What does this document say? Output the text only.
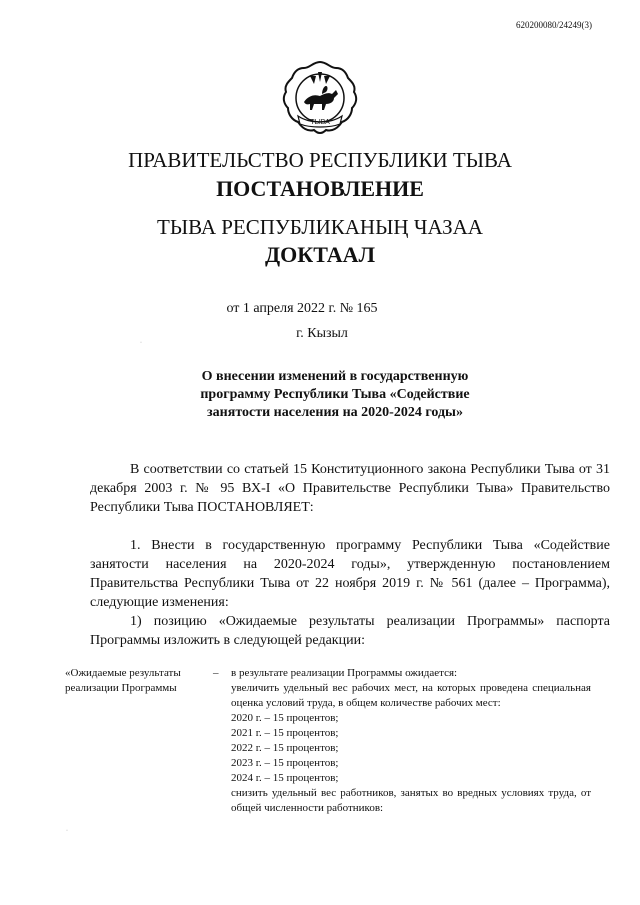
620200080/24249(3)
ТЫВА
ПРАВИТЕЛЬСТВО РЕСПУБЛИКИ ТЫВА
ПОСТАНОВЛЕНИЕ
ТЫВА РЕСПУБЛИКАНЫҢ ЧАЗАА
ДОКТААЛ
от 1 апреля 2022 г. № 165
г. Кызыл
·
О внесении изменений в государственную программу Республики Тыва «Содействие занятости населения на 2020-2024 годы»
В соответствии со статьей 15 Конституционного закона Республики Тыва от 31 декабря 2003 г. № 95 ВХ-I «О Правительстве Республики Тыва» Правительство Республики Тыва ПОСТАНОВЛЯЕТ:
1. Внести в государственную программу Республики Тыва «Содействие занятости населения на 2020-2024 годы», утвержденную постановлением Правительства Республики Тыва от 22 ноября 2019 г. № 561 (далее – Программа), следующие изменения:
1) позицию «Ожидаемые результаты реализации Программы» паспорта Программы изложить в следующей редакции:
«Ожидаемые результаты реализации Программы
– в результате реализации Программы ожидается:
увеличить удельный вес рабочих мест, на которых проведена специальная оценка условий труда, в общем количестве рабочих мест:
2020 г. – 15 процентов;
2021 г. – 15 процентов;
2022 г. – 15 процентов;
2023 г. – 15 процентов;
2024 г. – 15 процентов;
снизить удельный вес работников, занятых во вредных условиях труда, от общей численности работников:
·
